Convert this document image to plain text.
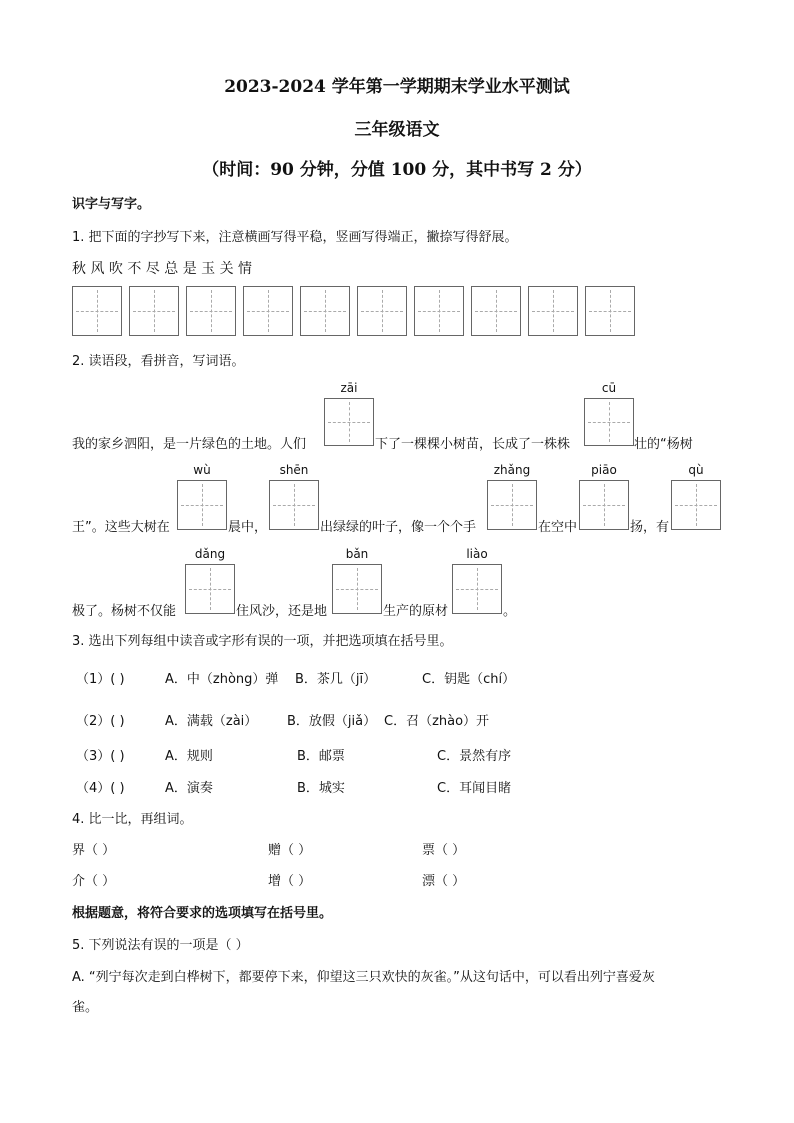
2023-2024 学年第一学期期末学业水平测试
三年级语文
（时间：90 分钟，分值 100 分，其中书写 2 分）
识字与写字。
1. 把下面的字抄写下来，注意横画写得平稳，竖画写得端正，撇捺写得舒展。
秋 风 吹 不 尽 总 是 玉 关 情
2. 读语段，看拼音，写词语。
zāi	cū
我的家乡泗阳，是一片绿色的土地。人们	下了一棵棵小树苗，长成了一株株	壮的“杨树
wù	shēn	zhǎng	piāo	qù
王”。这些大树在	晨中，	出绿绿的叶子，像一个个手	在空中	扬，有
dǎng	bǎn	liào
极了。杨树不仅能	住风沙，还是地	生产的原材	。
3. 选出下列每组中读音或字形有误的一项，并把选项填在括号里。
（1）( )	A．中（zhòng）弹 B．茶几（jī）	C．钥匙（chí）
（2）( )	A．满载（zài） B．放假（jiǎ） C．召（zhào）开
（3）( )	A．规则	B．邮票	C．景然有序
（4）( )	A．演奏	B．城实	C．耳闻目睹
4. 比一比，再组词。
界（ ）	赠（ ）	票（ ）
介（ ）	增（ ）	漂（ ）
根据题意，将符合要求的选项填写在括号里。
5. 下列说法有误的一项是（ ）
A. “列宁每次走到白桦树下，都要停下来，仰望这三只欢快的灰雀。”从这句话中，可以看出列宁喜爱灰
雀。
